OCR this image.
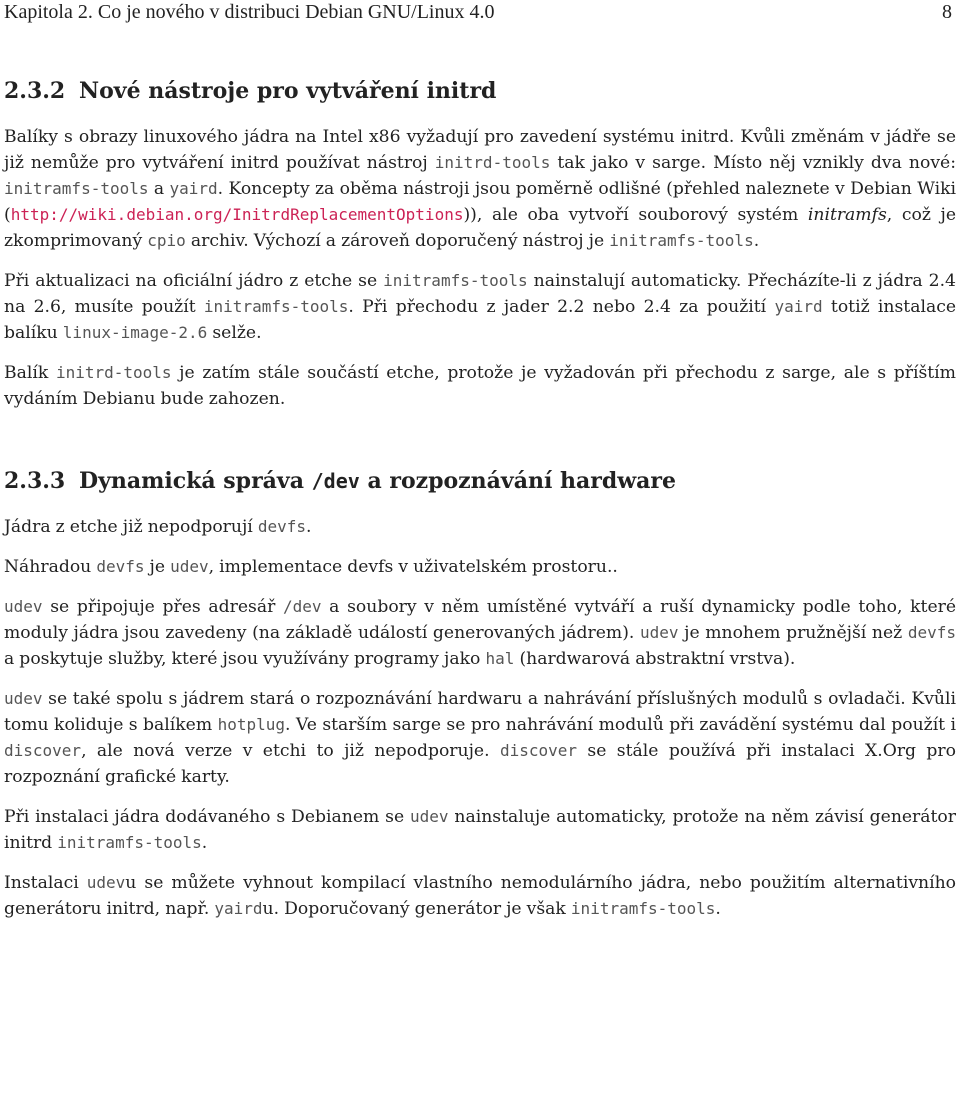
Kapitola 2. Co je nového v distribuci Debian GNU/Linux 4.0	8
2.3.2 Nové nástroje pro vytváření initrd

Balíky s obrazy linuxového jádra na Intel x86 vyžadují pro zavedení systému initrd. Kvůli změnám v jádře se již nemůže pro vytváření initrd používat nástroj initrd-tools tak jako v sarge. Místo něj vznikly dva nové: initramfs-tools a yaird. Koncepty za oběma nástroji jsou poměrně odlišné (přehled naleznete v Debian Wiki (http://wiki.debian.org/InitrdReplacementOptions)), ale oba vytvoří souborový systém initramfs, což je zkomprimovaný cpio archiv. Výchozí a zároveň doporučený nástroj je initramfs-tools.

Při aktualizaci na oficiální jádro z etche se initramfs-tools nainstalují automaticky. Přecházíte-li z jádra 2.4 na 2.6, musíte použít initramfs-tools. Při přechodu z jader 2.2 nebo 2.4 za použití yaird totiž instalace balíku linux-image-2.6 selže.

Balík initrd-tools je zatím stále součástí etche, protože je vyžadován při přechodu z sarge, ale s příštím vydáním Debianu bude zahozen.

2.3.3 Dynamická správa /dev a rozpoznávání hardware

Jádra z etche již nepodporují devfs.

Náhradou devfs je udev, implementace devfs v uživatelském prostoru..

udev se připojuje přes adresář /dev a soubory v něm umístěné vytváří a ruší dynamicky podle toho, které moduly jádra jsou zavedeny (na základě událostí generovaných jádrem). udev je mnohem pružnější než devfs a poskytuje služby, které jsou využívány programy jako hal (hardwarová abstraktní vrstva).

udev se také spolu s jádrem stará o rozpoznávání hardwaru a nahrávání příslušných modulů s ovladači. Kvůli tomu koliduje s balíkem hotplug. Ve starším sarge se pro nahrávání modulů při zavádění systému dal použít i discover, ale nová verze v etchi to již nepodporuje. discover se stále používá při instalaci X.Org pro rozpoznání grafické karty.

Při instalaci jádra dodávaného s Debianem se udev nainstaluje automaticky, protože na něm závisí generátor initrd initramfs-tools.

Instalaci udevu se můžete vyhnout kompilací vlastního nemodulárního jádra, nebo použitím alternativního generátoru initrd, např. yairdu. Doporučovaný generátor je však initramfs-tools.
